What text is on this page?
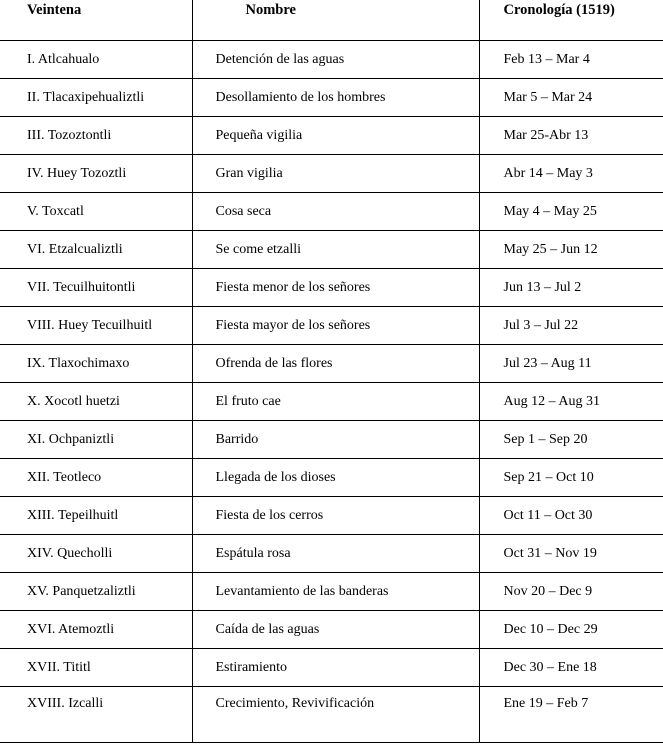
Veintena	Nombre	Cronología (1519)
I. Atlcahualo	Detención de las aguas	Feb 13 – Mar 4
II. Tlacaxipehualiztli	Desollamiento de los hombres	Mar 5 – Mar 24
III. Tozoztontli	Pequeña vigilia	Mar 25-Abr 13
IV. Huey Tozoztli	Gran vigilia	Abr 14 – May 3
V. Toxcatl	Cosa seca	May 4 – May 25
VI. Etzalcualiztli	Se come etzalli	May 25 – Jun 12
VII. Tecuilhuitontli	Fiesta menor de los señores	Jun 13 – Jul 2
VIII. Huey Tecuilhuitl	Fiesta mayor de los señores	Jul 3 – Jul 22
IX. Tlaxochimaxo	Ofrenda de las flores	Jul 23 – Aug 11
X. Xocotl huetzi	El fruto cae	Aug 12 – Aug 31
XI. Ochpaniztli	Barrido	Sep 1 – Sep 20
XII. Teotleco	Llegada de los dioses	Sep 21 – Oct 10
XIII. Tepeilhuitl	Fiesta de los cerros	Oct 11 – Oct 30
XIV. Quecholli	Espátula rosa	Oct 31 – Nov 19
XV. Panquetzaliztli	Levantamiento de las banderas	Nov 20 – Dec 9
XVI. Atemoztli	Caída de las aguas	Dec 10 – Dec 29
XVII. Tititl	Estiramiento	Dec 30 – Ene 18
XVIII. Izcalli	Crecimiento, Revivificación	Ene 19 – Feb 7
